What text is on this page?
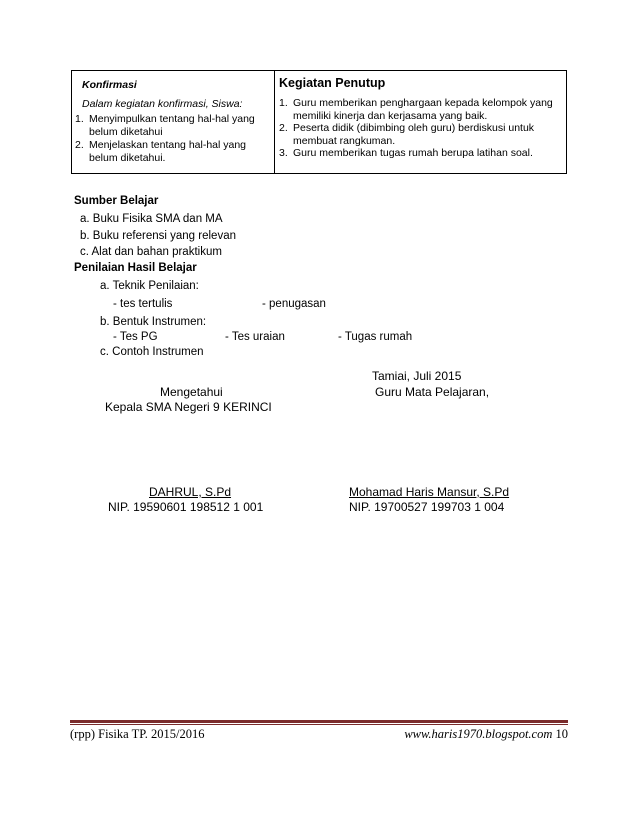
Konfirmasi
Dalam kegiatan konfirmasi, Siswa:
1. Menyimpulkan tentang hal-hal yang belum diketahui
2. Menjelaskan tentang hal-hal yang belum diketahui.
Kegiatan Penutup
1. Guru memberikan penghargaan kepada kelompok yang memiliki kinerja dan kerjasama yang baik.
2. Peserta didik (dibimbing oleh guru) berdiskusi untuk membuat rangkuman.
3. Guru memberikan tugas rumah berupa latihan soal.
Sumber Belajar
a. Buku Fisika SMA dan MA
b. Buku referensi yang relevan
c. Alat dan bahan praktikum
Penilaian Hasil Belajar
a. Teknik Penilaian:
- tes tertulis	- penugasan
b. Bentuk Instrumen:
- Tes PG	- Tes uraian	- Tugas rumah
c. Contoh Instrumen
Tamiai, Juli 2015
Mengetahui	Guru Mata Pelajaran,
Kepala SMA Negeri 9 KERINCI
DAHRUL, S.Pd	Mohamad Haris Mansur, S.Pd
NIP. 19590601 198512 1 001	NIP. 19700527 199703 1 004
(rpp) Fisika TP. 2015/2016	www.haris1970.blogspot.com 10
